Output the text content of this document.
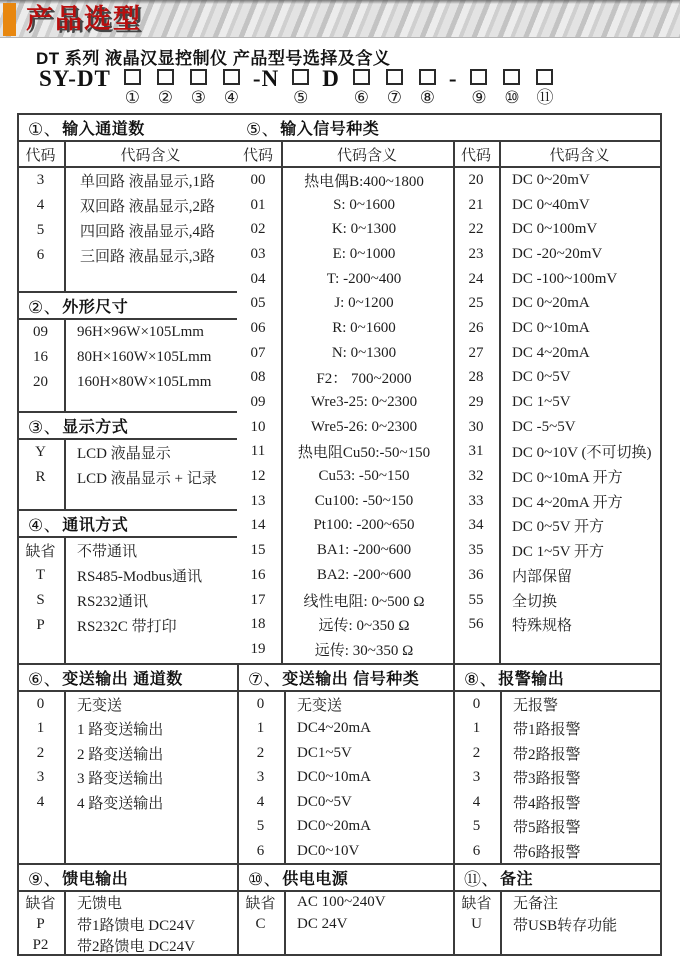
产品选型
DT 系列 液晶汉显控制仪 产品型号选择及含义
SY-DT
① ② ③ ④
-N
⑤
D
⑥ ⑦ ⑧
-
⑨ ⑩ ⑪
①、 输入通道数
代码	代码含义
3	单回路 液晶显示,1路
4	双回路 液晶显示,2路
5	四回路 液晶显示,4路
6	三回路 液晶显示,3路
②、 外形尺寸
09	96H×96W×105Lmm
16	80H×160W×105Lmm
20	160H×80W×105Lmm
③、 显示方式
Y	LCD 液晶显示
R	LCD 液晶显示 + 记录
④、 通讯方式
缺省	不带通讯
T	RS485-Modbus通讯
S	RS232通讯
P	RS232C 带打印
⑤、 输入信号种类
代码	代码含义
00	热电偶B:400~1800
01	S: 0~1600
02	K: 0~1300
03	E: 0~1000
04	T: -200~400
05	J: 0~1200
06	R: 0~1600
07	N: 0~1300
08	F2： 700~2000
09	Wre3-25: 0~2300
10	Wre5-26: 0~2300
11	热电阻Cu50:-50~150
12	Cu53: -50~150
13	Cu100: -50~150
14	Pt100: -200~650
15	BA1: -200~600
16	BA2: -200~600
17	线性电阻: 0~500 Ω
18	远传: 0~350 Ω
19	远传: 30~350 Ω
代码	代码含义
20	DC 0~20mV
21	DC 0~40mV
22	DC 0~100mV
23	DC -20~20mV
24	DC -100~100mV
25	DC 0~20mA
26	DC 0~10mA
27	DC 4~20mA
28	DC 0~5V
29	DC 1~5V
30	DC -5~5V
31	DC 0~10V (不可切换)
32	DC 0~10mA 开方
33	DC 4~20mA 开方
34	DC 0~5V 开方
35	DC 1~5V 开方
36	内部保留
55	全切换
56	特殊规格
⑥、 变送输出 通道数
0	无变送
1	1 路变送输出
2	2 路变送输出
3	3 路变送输出
4	4 路变送输出
⑦、 变送输出 信号种类
0	无变送
1	DC4~20mA
2	DC1~5V
3	DC0~10mA
4	DC0~5V
5	DC0~20mA
6	DC0~10V
⑧、 报警输出
0	无报警
1	带1路报警
2	带2路报警
3	带3路报警
4	带4路报警
5	带5路报警
6	带6路报警
⑨、 馈电输出
缺省	无馈电
P	带1路馈电 DC24V
P2	带2路馈电 DC24V
⑩、 供电电源
缺省	AC 100~240V
C	DC 24V
⑪、 备注
缺省	无备注
U	带USB转存功能
